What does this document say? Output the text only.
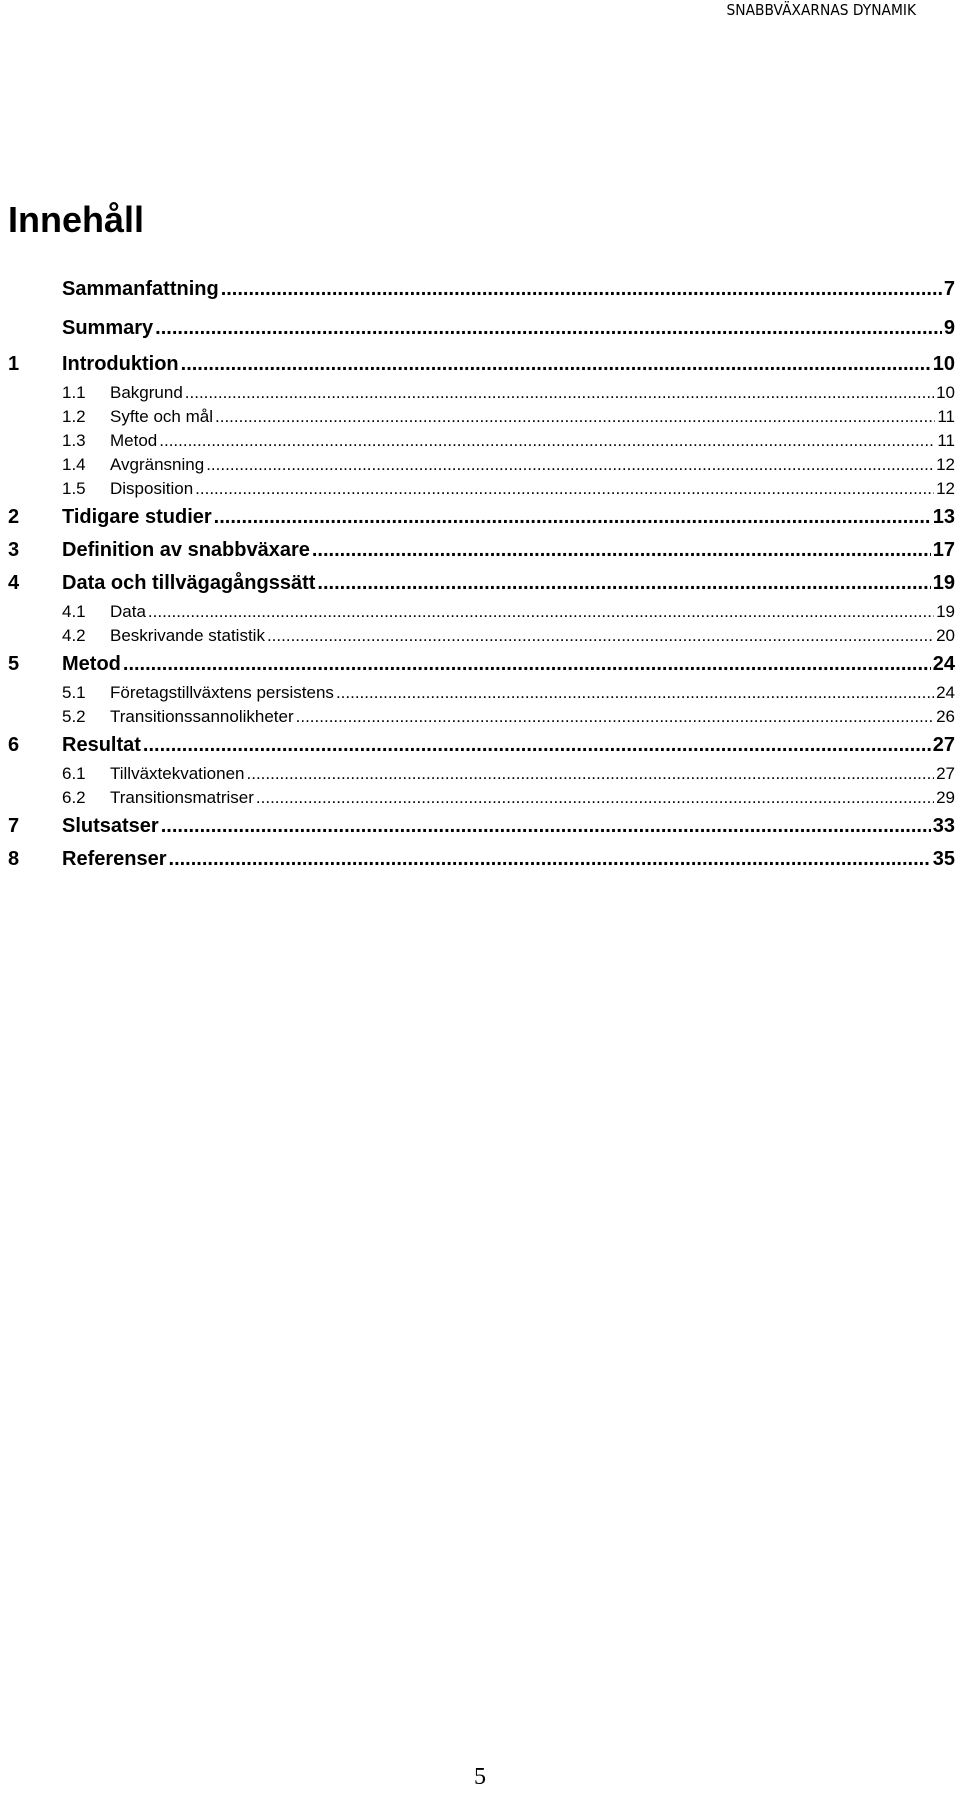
SNABBVÄXARNAS DYNAMIK
Innehåll
Sammanfattning .....	7
Summary .....	9
1	Introduktion .....	10
1.1	Bakgrund .....	10
1.2	Syfte och mål .....	11
1.3	Metod .....	11
1.4	Avgränsning .....	12
1.5	Disposition .....	12
2	Tidigare studier .....	13
3	Definition av snabbväxare .....	17
4	Data och tillvägagångssätt .....	19
4.1	Data .....	19
4.2	Beskrivande statistik .....	20
5	Metod .....	24
5.1	Företagstillväxtens persistens .....	24
5.2	Transitionssannolikheter .....	26
6	Resultat .....	27
6.1	Tillväxtekvationen .....	27
6.2	Transitionsmatriser .....	29
7	Slutsatser .....	33
8	Referenser .....	35
5
